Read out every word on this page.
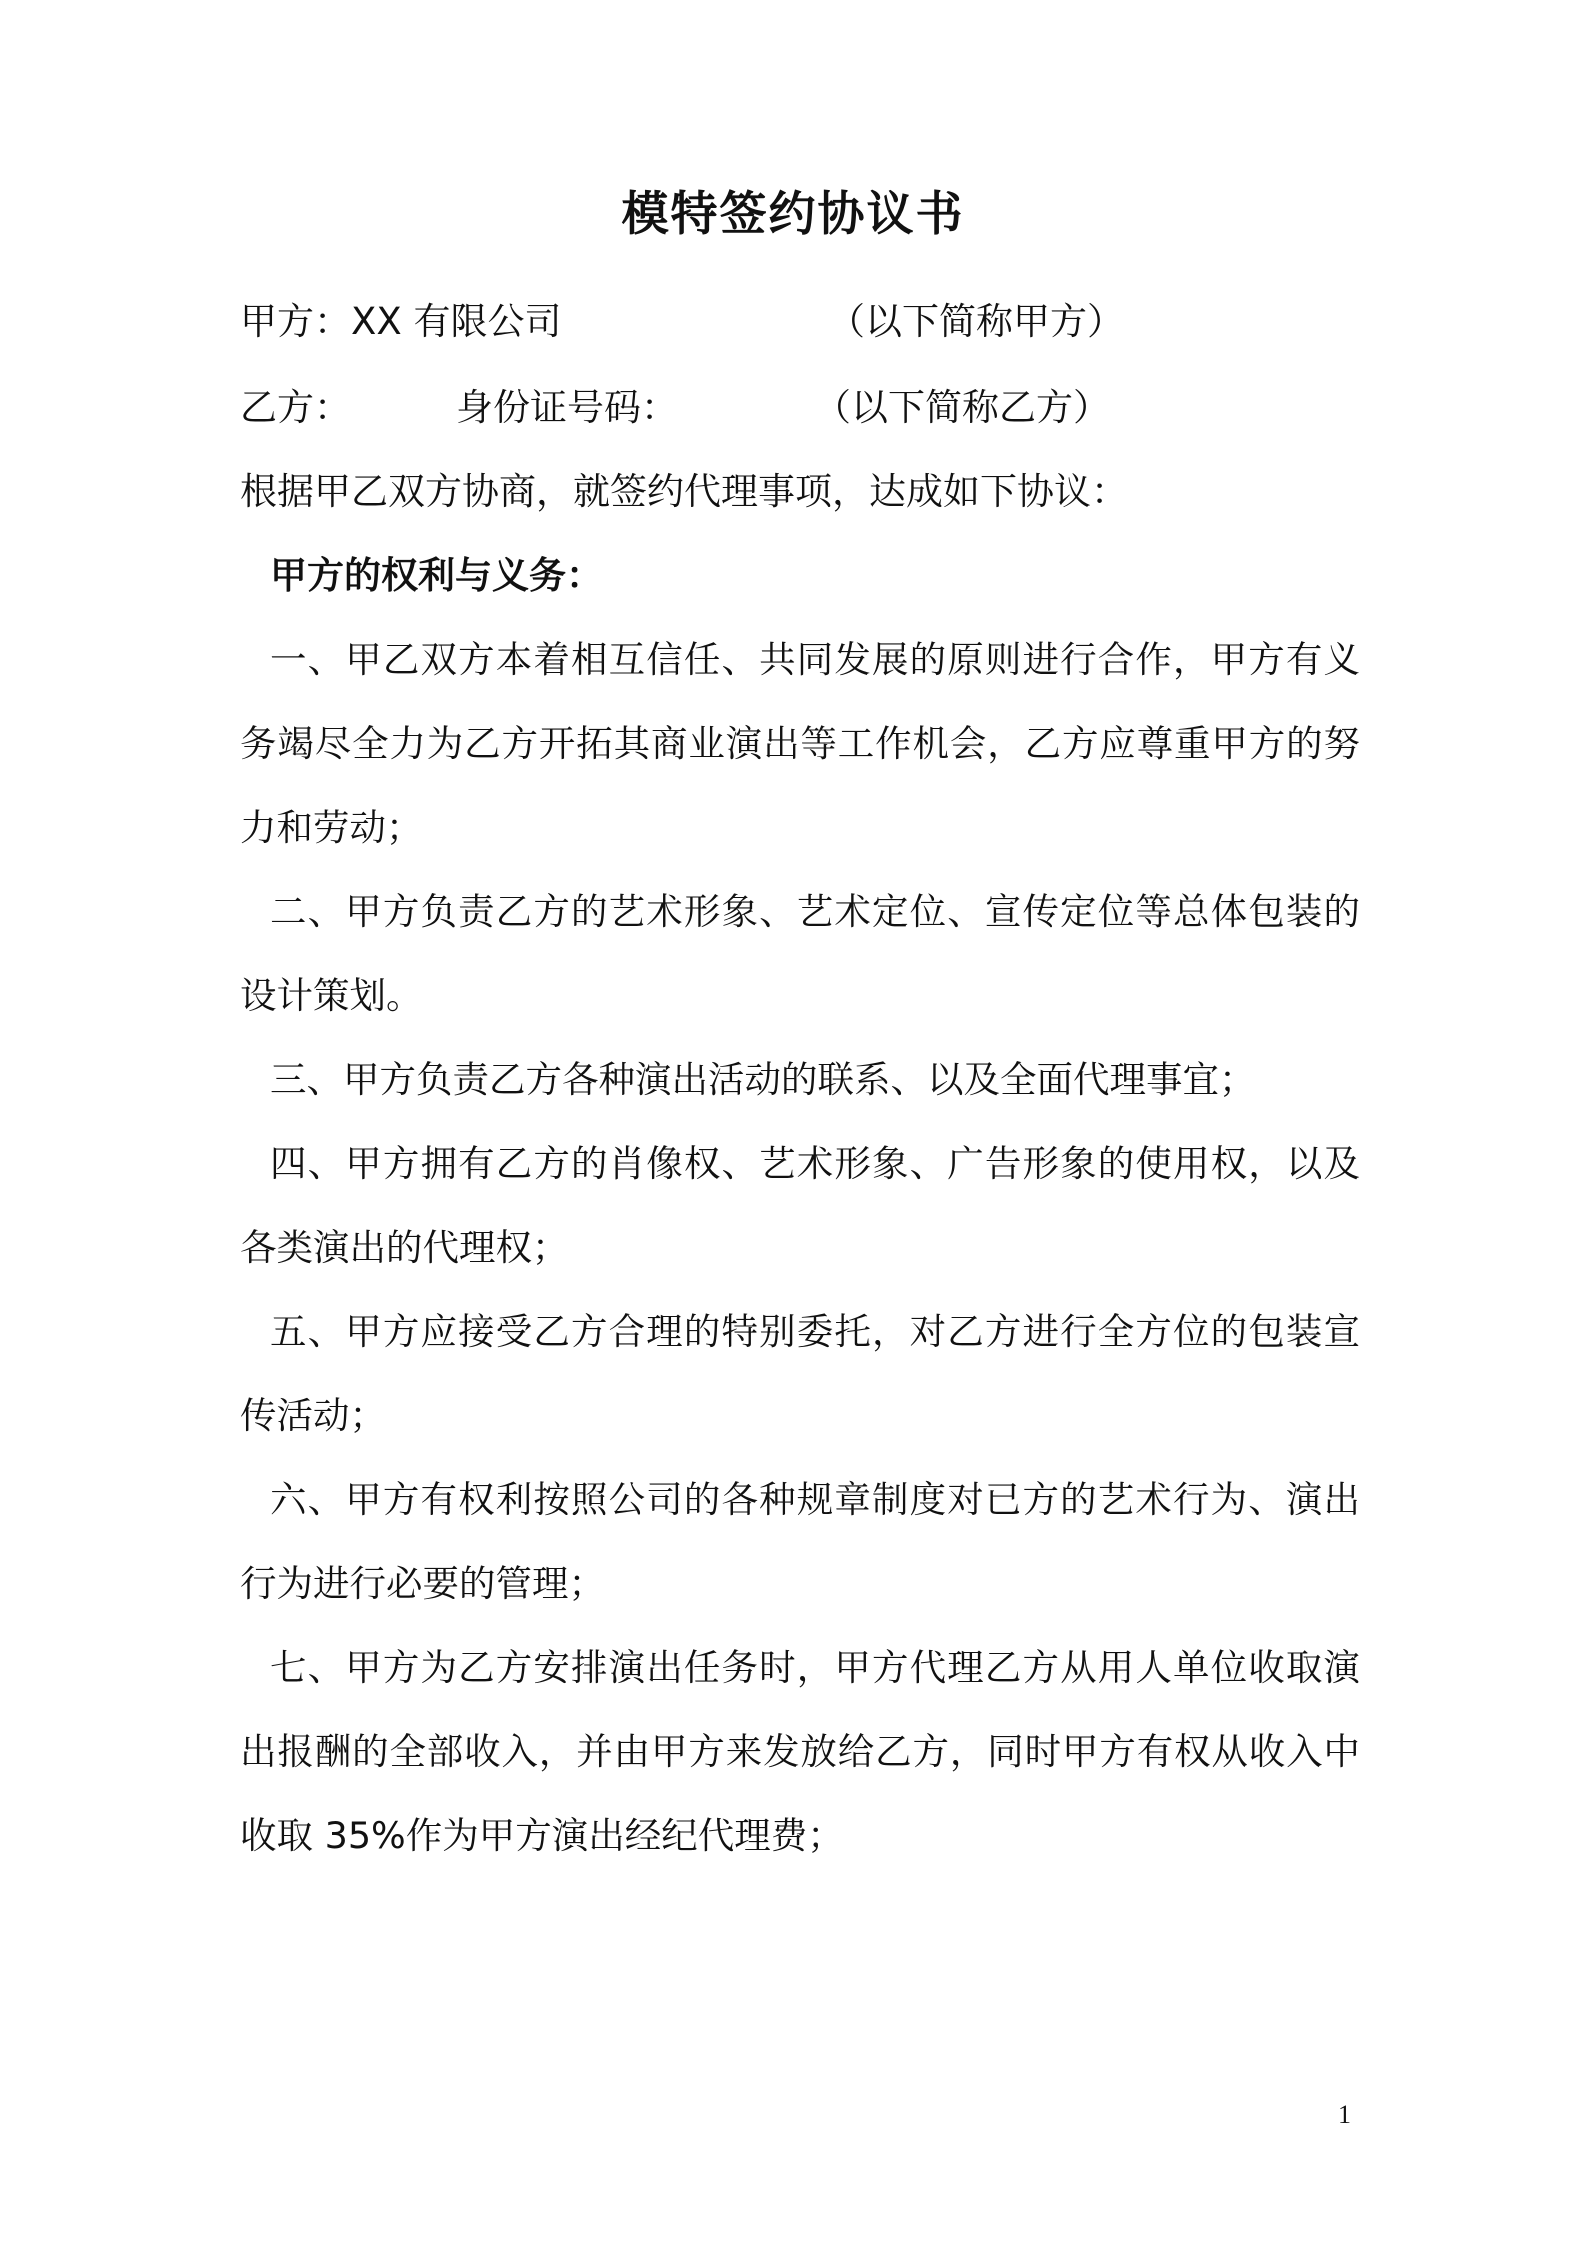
模特签约协议书
甲方：XX 有限公司	（以下简称甲方）
乙方：	身份证号码：	（以下简称乙方）
根据甲乙双方协商，就签约代理事项，达成如下协议：
甲方的权利与义务：
一、甲乙双方本着相互信任、共同发展的原则进行合作，甲方有义务竭尽全力为乙方开拓其商业演出等工作机会，乙方应尊重甲方的努力和劳动；
二、甲方负责乙方的艺术形象、艺术定位、宣传定位等总体包装的设计策划。
三、甲方负责乙方各种演出活动的联系、以及全面代理事宜；
四、甲方拥有乙方的肖像权、艺术形象、广告形象的使用权，以及各类演出的代理权；
五、甲方应接受乙方合理的特别委托，对乙方进行全方位的包装宣传活动；
六、甲方有权利按照公司的各种规章制度对已方的艺术行为、演出行为进行必要的管理；
七、甲方为乙方安排演出任务时，甲方代理乙方从用人单位收取演出报酬的全部收入，并由甲方来发放给乙方，同时甲方有权从收入中收取 35%作为甲方演出经纪代理费；
1
